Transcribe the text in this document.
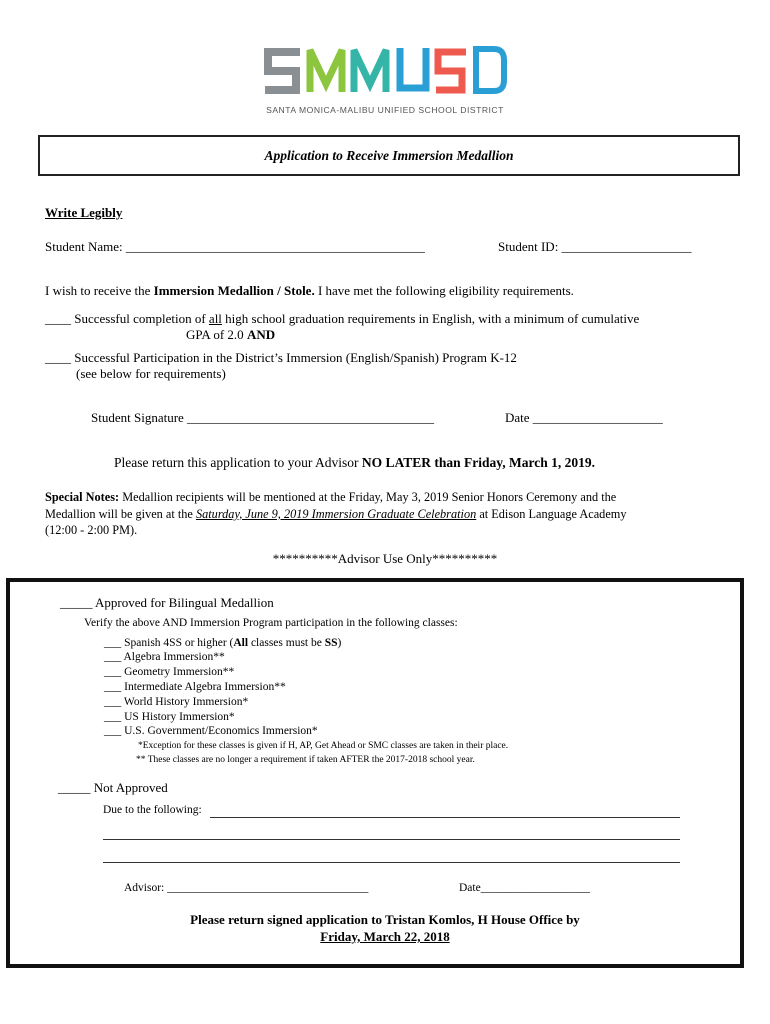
SANTA MONICA-MALIBU UNIFIED SCHOOL DISTRICT
Application to Receive Immersion Medallion
Write Legibly
Student Name: ______________________________________________	Student ID: ____________________
I wish to receive the Immersion Medallion / Stole. I have met the following eligibility requirements.
____ Successful completion of all high school graduation requirements in English, with a minimum of cumulative
GPA of 2.0 AND
____ Successful Participation in the District’s Immersion (English/Spanish) Program K-12
(see below for requirements)
Student Signature ______________________________________	Date ____________________
Please return this application to your Advisor NO LATER than Friday, March 1, 2019.
Special Notes: Medallion recipients will be mentioned at the Friday, May 3, 2019 Senior Honors Ceremony and the
Medallion will be given at the Saturday, June 9, 2019 Immersion Graduate Celebration at Edison Language Academy
(12:00 - 2:00 PM).
**********Advisor Use Only**********
_____ Approved for Bilingual Medallion
Verify the above AND Immersion Program participation in the following classes:
___ Spanish 4SS or higher (All classes must be SS)
___ Algebra Immersion**
___ Geometry Immersion**
___ Intermediate Algebra Immersion**
___ World History Immersion*
___ US History Immersion*
___ U.S. Government/Economics Immersion*
*Exception for these classes is given if H, AP, Get Ahead or SMC classes are taken in their place.
** These classes are no longer a requirement if taken AFTER the 2017-2018 school year.
_____ Not Approved
Due to the following:
Advisor: ___________________________________	Date___________________
Please return signed application to Tristan Komlos, H House Office by
Friday, March 22, 2018
